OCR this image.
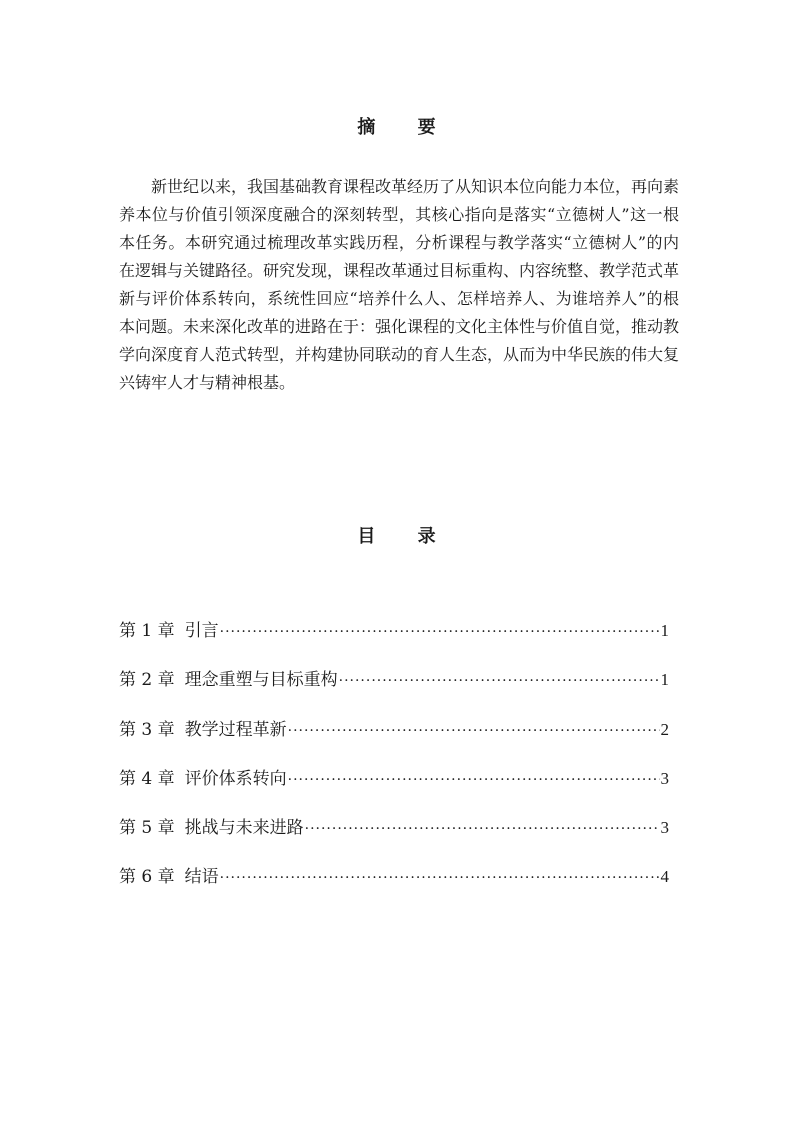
摘 要
新世纪以来，我国基础教育课程改革经历了从知识本位向能力本位，再向素
养本位与价值引领深度融合的深刻转型，其核心指向是落实“立德树人”这一根
本任务。本研究通过梳理改革实践历程，分析课程与教学落实“立德树人”的内
在逻辑与关键路径。研究发现，课程改革通过目标重构、内容统整、教学范式革
新与评价体系转向，系统性回应“培养什么人、怎样培养人、为谁培养人”的根
本问题。未来深化改革的进路在于：强化课程的文化主体性与价值自觉，推动教
学向深度育人范式转型，并构建协同联动的育人生态，从而为中华民族的伟大复
兴铸牢人才与精神根基。
目 录
第 1 章 引言 ·····	1
第 2 章 理念重塑与目标重构 ·····	1
第 3 章 教学过程革新 ·····	2
第 4 章 评价体系转向 ·····	3
第 5 章 挑战与未来进路 ·····	3
第 6 章 结语 ·····	4
